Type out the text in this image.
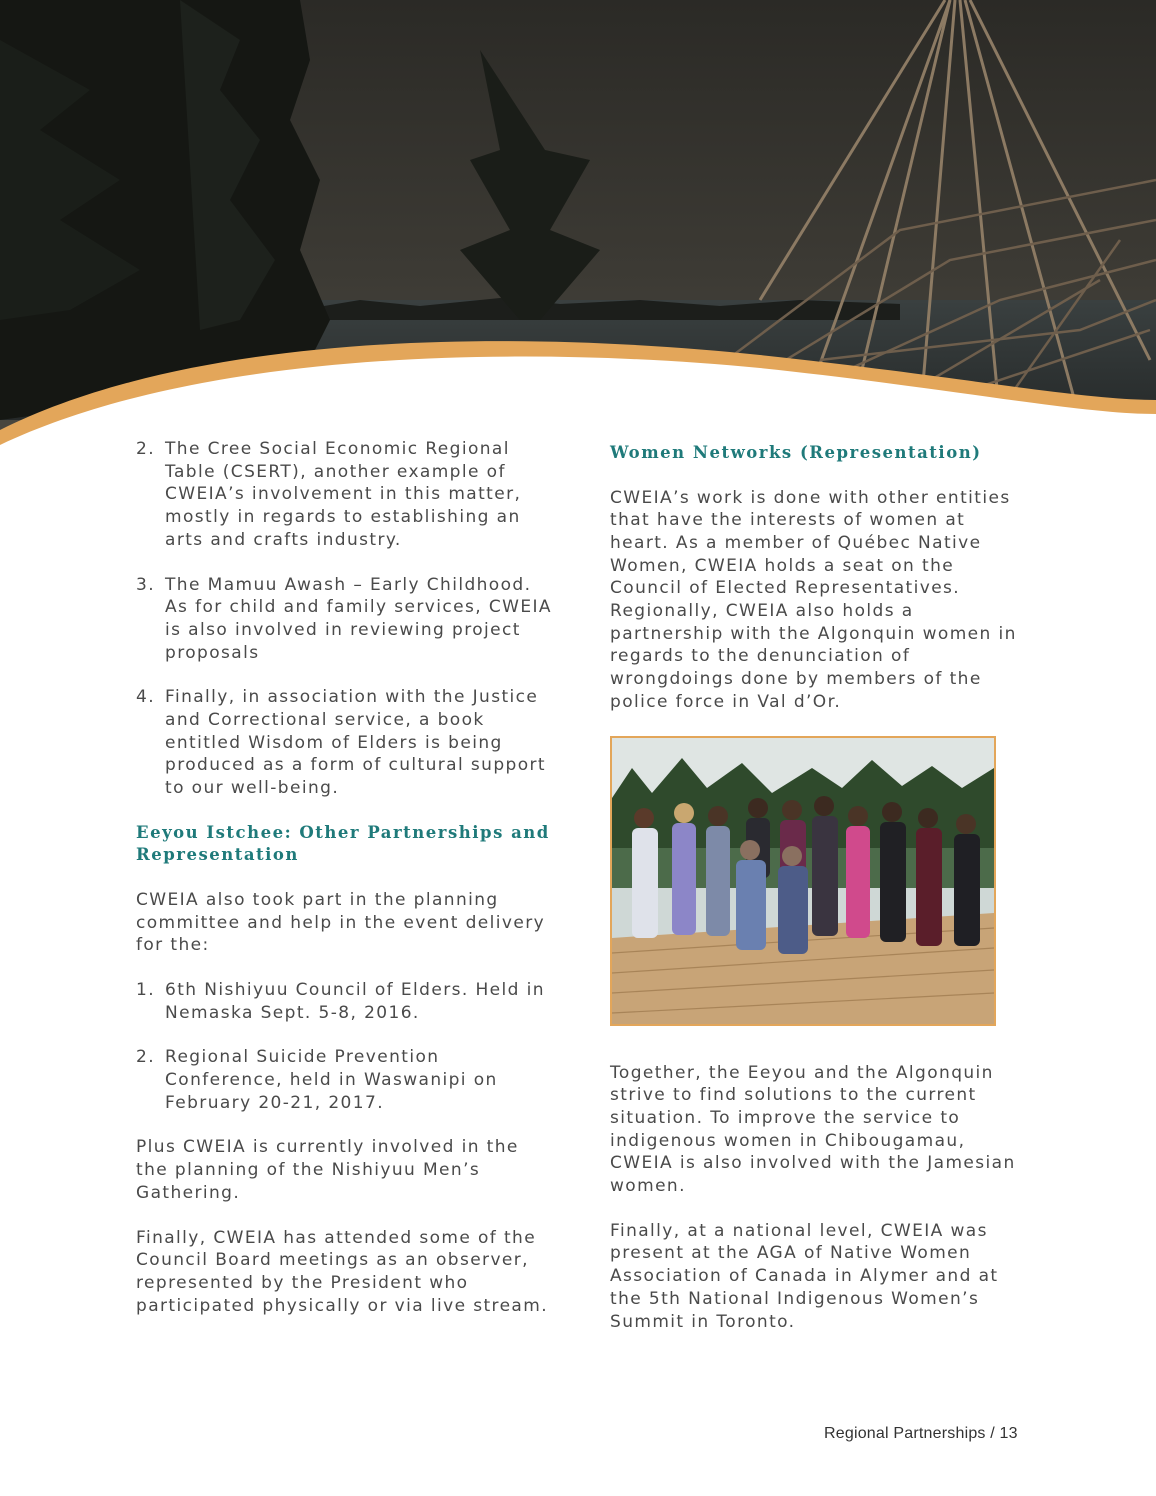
2. The Cree Social Economic Regional Table (CSERT), another example of CWEIA’s involvement in this matter, mostly in regards to establishing an arts and crafts industry.
3. The Mamuu Awash – Early Childhood. As for child and family services, CWEIA is also involved in reviewing project proposals
4. Finally, in association with the Justice and Correctional service, a book entitled Wisdom of Elders is being produced as a form of cultural support to our well-being.
Eeyou Istchee: Other Partnerships and Representation

CWEIA also took part in the planning committee and help in the event delivery for the:

1. 6th Nishiyuu Council of Elders. Held in Nemaska Sept. 5-8, 2016.
2. Regional Suicide Prevention Conference, held in Waswanipi on February 20-21, 2017.

Plus CWEIA is currently involved in the the planning of the Nishiyuu Men’s Gathering.

Finally, CWEIA has attended some of the Council Board meetings as an observer, represented by the President who participated physically or via live stream.

Women Networks (Representation)

CWEIA’s work is done with other entities that have the interests of women at heart. As a member of Québec Native Women, CWEIA holds a seat on the Council of Elected Representatives. Regionally, CWEIA also holds a partnership with the Algonquin women in regards to the denunciation of wrongdoings done by members of the police force in Val d’Or.

Together, the Eeyou and the Algonquin strive to find solutions to the current situation. To improve the service to indigenous women in Chibougamau, CWEIA is also involved with the Jamesian women.

Finally, at a national level, CWEIA was present at the AGA of Native Women Association of Canada in Alymer and at the 5th National Indigenous Women’s Summit in Toronto.

Regional Partnerships / 13
